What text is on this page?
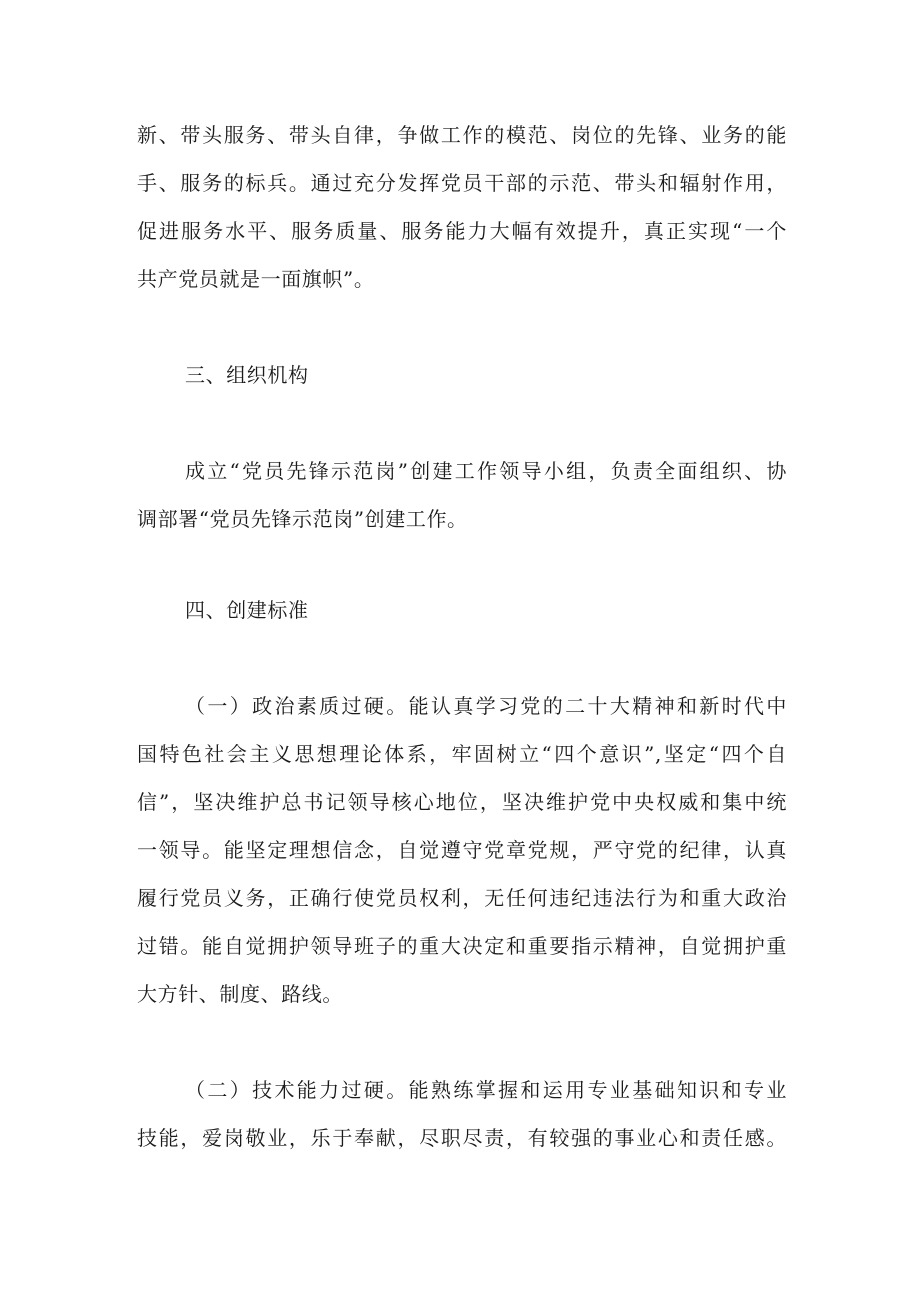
新、带头服务、带头自律，争做工作的模范、岗位的先锋、业务的能
手、服务的标兵。通过充分发挥党员干部的示范、带头和辐射作用，
促进服务水平、服务质量、服务能力大幅有效提升，真正实现“一个
共产党员就是一面旗帜”。
三、组织机构
成立“党员先锋示范岗”创建工作领导小组，负责全面组织、协
调部署“党员先锋示范岗”创建工作。
四、创建标准
（一）政治素质过硬。能认真学习党的二十大精神和新时代中
国特色社会主义思想理论体系，牢固树立“四个意识”,坚定“四个自
信”，坚决维护总书记领导核心地位，坚决维护党中央权威和集中统
一领导。能坚定理想信念，自觉遵守党章党规，严守党的纪律，认真
履行党员义务，正确行使党员权利，无任何违纪违法行为和重大政治
过错。能自觉拥护领导班子的重大决定和重要指示精神，自觉拥护重
大方针、制度、路线。
（二）技术能力过硬。能熟练掌握和运用专业基础知识和专业
技能，爱岗敬业，乐于奉献，尽职尽责，有较强的事业心和责任感。
